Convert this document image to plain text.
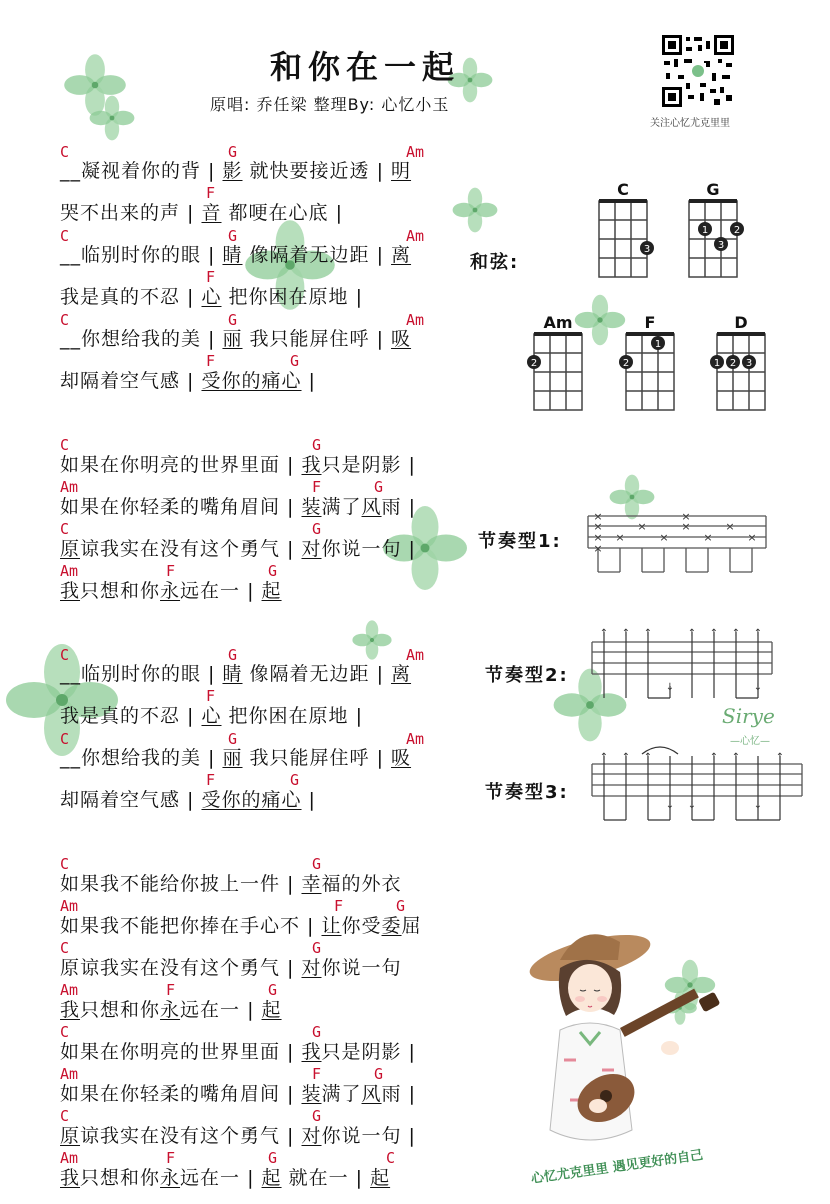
和你在一起
原唱: 乔任梁 整理By: 心忆小玉
关注心忆尤克里里
C	G	Am
__凝视着你的背 | 影 就快要接近透 | 明
F
哭不出来的声 | 音 都哽在心底 |
C	G	Am
__临别时你的眼 | 睛 像隔着无边距 | 离
F
我是真的不忍 | 心 把你困在原地 |
C	G	Am
__你想给我的美 | 丽 我只能屏住呼 | 吸
F	G
却隔着空气感 | 受你的痛心 |
C	G
如果在你明亮的世界里面 | 我只是阴影 |
Am	F	G
如果在你轻柔的嘴角眉间 | 装满了风雨 |
C	G
原谅我实在没有这个勇气 | 对你说一句 |
Am	F	G
我只想和你永远在一 | 起
C	G	Am
__临别时你的眼 | 睛 像隔着无边距 | 离
F
我是真的不忍 | 心 把你困在原地 |
C	G	Am
__你想给我的美 | 丽 我只能屏住呼 | 吸
F	G
却隔着空气感 | 受你的痛心 |
C	G
如果我不能给你披上一件 | 幸福的外衣
Am	F	G
如果我不能把你捧在手心不 | 让你受委屈
C	G
原谅我实在没有这个勇气 | 对你说一句
Am	F	G
我只想和你永远在一 | 起
C	G
如果在你明亮的世界里面 | 我只是阴影 |
Am	F	G
如果在你轻柔的嘴角眉间 | 装满了风雨 |
C	G
原谅我实在没有这个勇气 | 对你说一句 |
Am	F	G	C
我只想和你永远在一 | 起 就在一 | 起
和弦:
C
3
G
1	2
3
Am
2
F
1
2
D
1 2 3
节奏型1:
×
×
×
×
×
×
×
×
×
×
×
×
节奏型2:
↑ ↑ ↑	↑ ↑ ↑ ↑
↓	↓
节奏型3:
↑ ↑ ↑
↓ ↓
↑ ↑
↓
↑
Sirye
—心忆—
心忆尤克里里 遇见更好的自己
